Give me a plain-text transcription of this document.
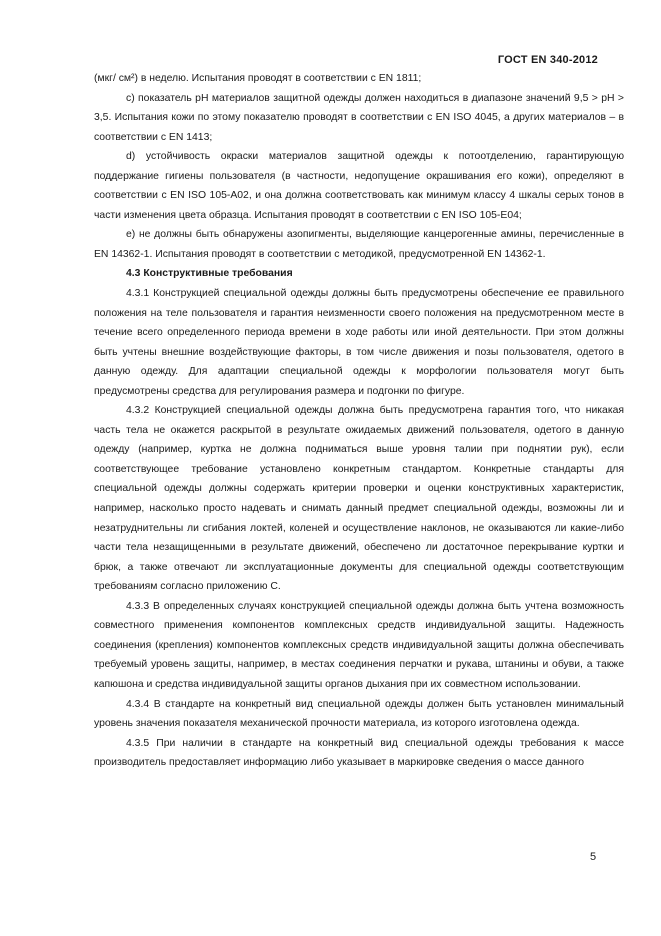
ГОСТ EN 340-2012

(мкг/ см²) в неделю. Испытания проводят в соответствии с EN 1811;

c) показатель рН материалов защитной одежды должен находиться в диапазоне значений 9,5 > рН > 3,5. Испытания кожи по этому показателю проводят в соответствии с EN ISO 4045, а других материалов – в соответствии с EN 1413;

d) устойчивость окраски материалов защитной одежды к потоотделению, гарантирующую поддержание гигиены пользователя (в частности, недопущение окрашивания его кожи), определяют в соответствии с EN ISO 105-A02, и она должна соответствовать как минимум классу 4 шкалы серых тонов в части изменения цвета образца. Испытания проводят в соответствии с EN ISO 105-E04;

e) не должны быть обнаружены азопигменты, выделяющие канцерогенные амины, перечисленные в EN 14362-1. Испытания проводят в соответствии с методикой, предусмотренной EN 14362-1.

4.3 Конструктивные требования

4.3.1 Конструкцией специальной одежды должны быть предусмотрены обеспечение ее правильного положения на теле пользователя и гарантия неизменности своего положения на предусмотренном месте в течение всего определенного периода времени в ходе работы или иной деятельности. При этом должны быть учтены внешние воздействующие факторы, в том числе движения и позы пользователя, одетого в данную одежду. Для адаптации специальной одежды к морфологии пользователя могут быть предусмотрены средства для регулирования размера и подгонки по фигуре.

4.3.2 Конструкцией специальной одежды должна быть предусмотрена гарантия того, что никакая часть тела не окажется раскрытой в результате ожидаемых движений пользователя, одетого в данную одежду (например, куртка не должна подниматься выше уровня талии при поднятии рук), если соответствующее требование установлено конкретным стандартом. Конкретные стандарты для специальной одежды должны содержать критерии проверки и оценки конструктивных характеристик, например, насколько просто надевать и снимать данный предмет специальной одежды, возможны ли и незатруднительны ли сгибания локтей, коленей и осуществление наклонов, не оказываются ли какие-либо части тела незащищенными в результате движений, обеспечено ли достаточное перекрывание куртки и брюк, а также отвечают ли эксплуатационные документы для специальной одежды соответствующим требованиям согласно приложению C.

4.3.3 В определенных случаях конструкцией специальной одежды должна быть учтена возможность совместного применения компонентов комплексных средств индивидуальной защиты. Надежность соединения (крепления) компонентов комплексных средств индивидуальной защиты должна обеспечивать требуемый уровень защиты, например, в местах соединения перчатки и рукава, штанины и обуви, а также капюшона и средства индивидуальной защиты органов дыхания при их совместном использовании.

4.3.4 В стандарте на конкретный вид специальной одежды должен быть установлен минимальный уровень значения показателя механической прочности материала, из которого изготовлена одежда.

4.3.5 При наличии в стандарте на конкретный вид специальной одежды требования к массе производитель предоставляет информацию либо указывает в маркировке сведения о массе данного

5
